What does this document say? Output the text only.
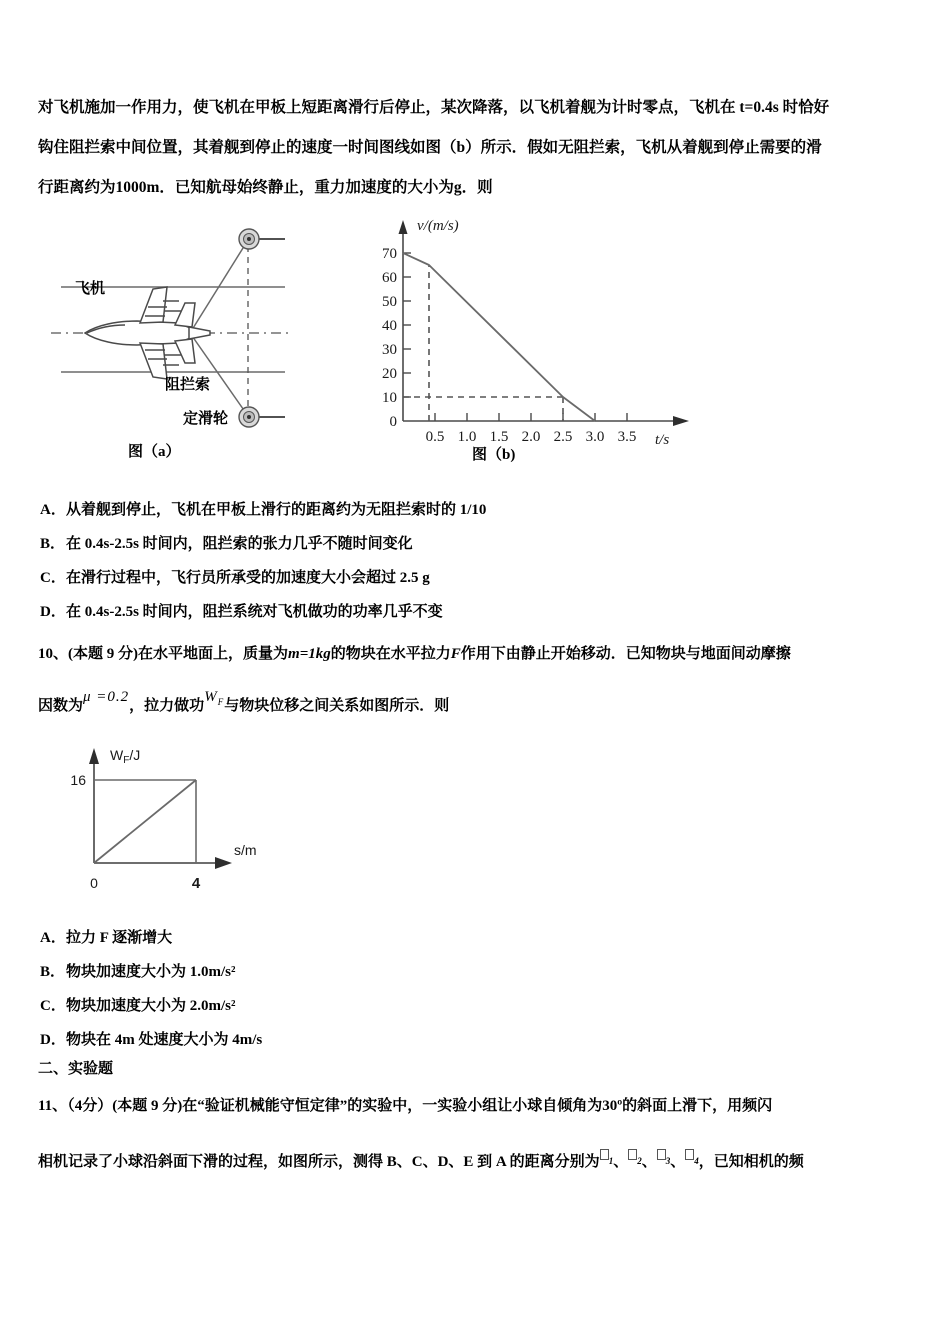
对飞机施加一作用力，使飞机在甲板上短距离滑行后停止，某次降落，以飞机着舰为计时零点，飞机在 t=0.4s 时恰好
钩住阻拦索中间位置，其着舰到停止的速度一时间图线如图（b）所示．假如无阻拦索，飞机从着舰到停止需要的滑
行距离约为1000m．已知航母始终静止，重力加速度的大小为g．则
飞机
阻拦索
定滑轮
图（a）
70
60
50
40
30
20
10
0
0.5 1.0 1.5 2.0 2.5 3.0 3.5
v/(m/s)
t/s
图（b)
A．从着舰到停止，飞机在甲板上滑行的距离约为无阻拦索时的 1/10
B．在 0.4s-2.5s 时间内，阻拦索的张力几乎不随时间变化
C．在滑行过程中，飞行员所承受的加速度大小会超过 2.5 g
D．在 0.4s-2.5s 时间内，阻拦系统对飞机做功的功率几乎不变
10、(本题 9 分)在水平地面上，质量为m=1kg的物块在水平拉力F作用下由静止开始移动．已知物块与地面间动摩擦
因数为μ =0.2，拉力做功$W_F$与物块位移之间关系如图所示．则
16
0	4
$W_F/J$
s/m
A．拉力 F 逐渐增大
B．物块加速度大小为 1.0m/s²
C．物块加速度大小为 2.0m/s²
D．物块在 4m 处速度大小为 4m/s
二、实验题
11、（4分）(本题 9 分)在“验证机械能守恒定律”的实验中，一实验小组让小球自倾角为30º的斜面上滑下，用频闪
相机记录了小球沿斜面下滑的过程，如图所示，测得 B、C、D、E 到 A 的距离分别为 1、 2、 3、 4，已知相机的频
